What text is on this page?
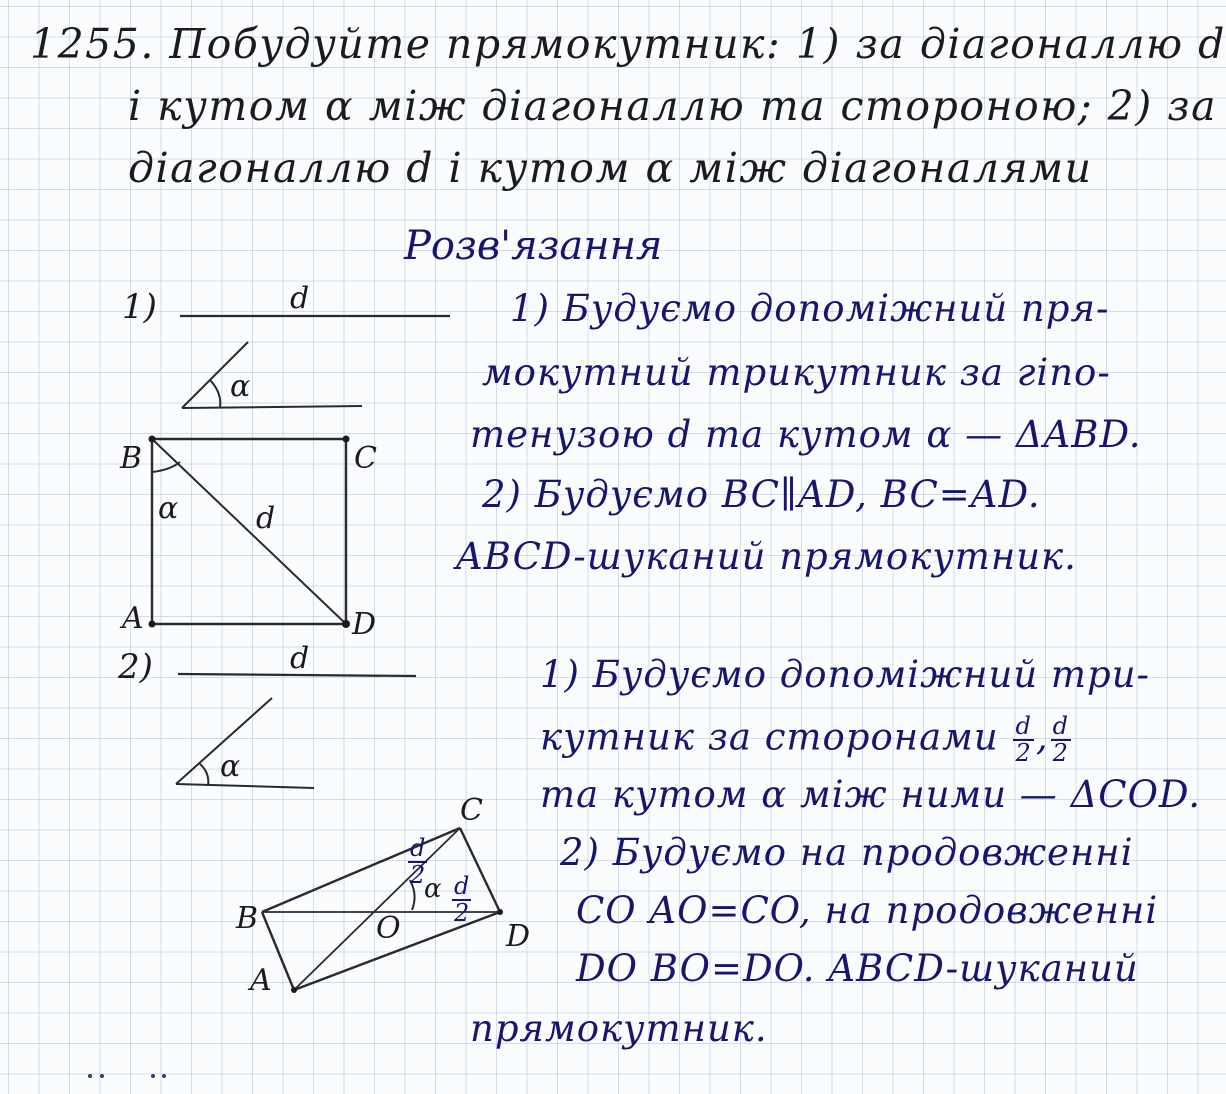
1255. Побудуйте прямокутник: 1) за діагоналлю d
і кутом α між діагоналлю та стороною; 2) за
діагоналлю d і кутом α між діагоналями
Розв'язання
1)	d
α
B	C
A	D
α	d
1) Будуємо допоміжний пря-
мокутний трикутник за гіпо-
тенузою d та кутом α — ΔABD.
2) Будуємо BC∥AD, BC=AD.
ABCD-шуканий прямокутник.
2)	d
α
C
B	O	D
A
α
$\frac{d}{2}$
$\frac{d}{2}$
1) Будуємо допоміжний три-
кутник за сторонами $\frac{d}{2}$ , $\frac{d}{2}$
та кутом α між ними — ΔCOD.
2) Будуємо на продовженні
CO AO=CO, на продовженні
DO BO=DO. ABCD-шуканий
прямокутник.
